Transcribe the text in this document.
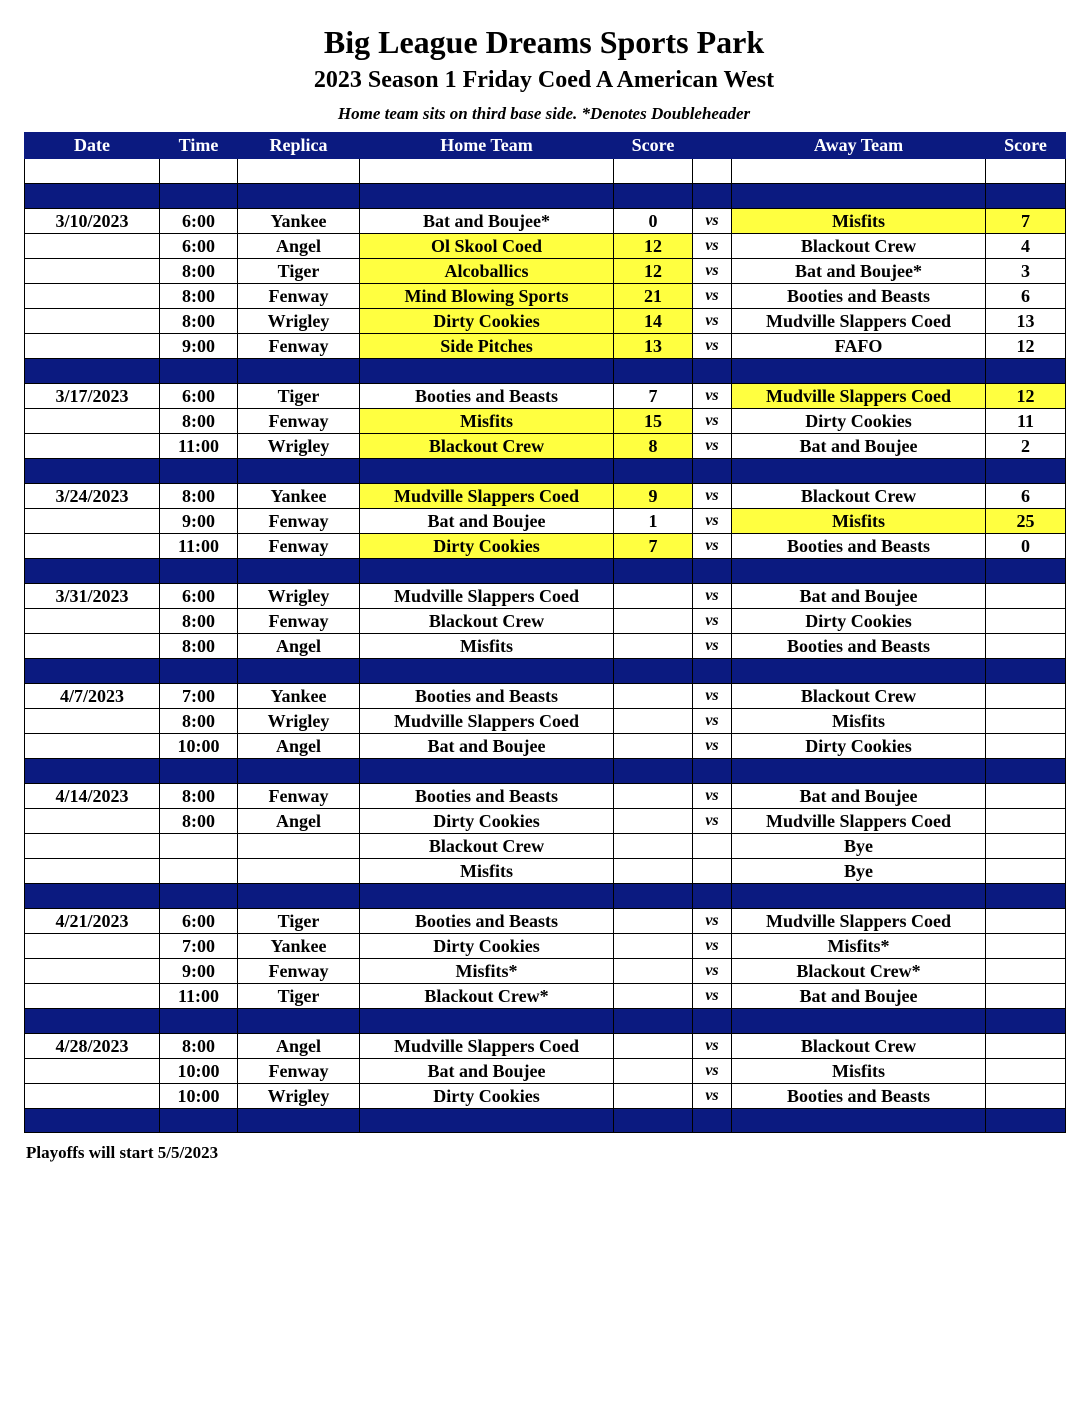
Big League Dreams Sports Park
2023 Season 1 Friday Coed A American West
Home team sits on third base side. *Denotes Doubleheader
Date	Time	Replica	Home Team	Score		Away Team	Score

3/10/2023	6:00	Yankee	Bat and Boujee*	0	vs	Misfits	7
	6:00	Angel	Ol Skool Coed	12	vs	Blackout Crew	4
	8:00	Tiger	Alcoballics	12	vs	Bat and Boujee*	3
	8:00	Fenway	Mind Blowing Sports	21	vs	Booties and Beasts	6
	8:00	Wrigley	Dirty Cookies	14	vs	Mudville Slappers Coed	13
	9:00	Fenway	Side Pitches	13	vs	FAFO	12

3/17/2023	6:00	Tiger	Booties and Beasts	7	vs	Mudville Slappers Coed	12
	8:00	Fenway	Misfits	15	vs	Dirty Cookies	11
	11:00	Wrigley	Blackout Crew	8	vs	Bat and Boujee	2

3/24/2023	8:00	Yankee	Mudville Slappers Coed	9	vs	Blackout Crew	6
	9:00	Fenway	Bat and Boujee	1	vs	Misfits	25
	11:00	Fenway	Dirty Cookies	7	vs	Booties and Beasts	0

3/31/2023	6:00	Wrigley	Mudville Slappers Coed		vs	Bat and Boujee	
	8:00	Fenway	Blackout Crew		vs	Dirty Cookies	
	8:00	Angel	Misfits		vs	Booties and Beasts	

4/7/2023	7:00	Yankee	Booties and Beasts		vs	Blackout Crew	
	8:00	Wrigley	Mudville Slappers Coed		vs	Misfits	
	10:00	Angel	Bat and Boujee		vs	Dirty Cookies	

4/14/2023	8:00	Fenway	Booties and Beasts		vs	Bat and Boujee	
	8:00	Angel	Dirty Cookies		vs	Mudville Slappers Coed	
			Blackout Crew			Bye	
			Misfits			Bye	

4/21/2023	6:00	Tiger	Booties and Beasts		vs	Mudville Slappers Coed	
	7:00	Yankee	Dirty Cookies		vs	Misfits*	
	9:00	Fenway	Misfits*		vs	Blackout Crew*	
	11:00	Tiger	Blackout Crew*		vs	Bat and Boujee	

4/28/2023	8:00	Angel	Mudville Slappers Coed		vs	Blackout Crew	
	10:00	Fenway	Bat and Boujee		vs	Misfits	
	10:00	Wrigley	Dirty Cookies		vs	Booties and Beasts	

Playoffs will start 5/5/2023
